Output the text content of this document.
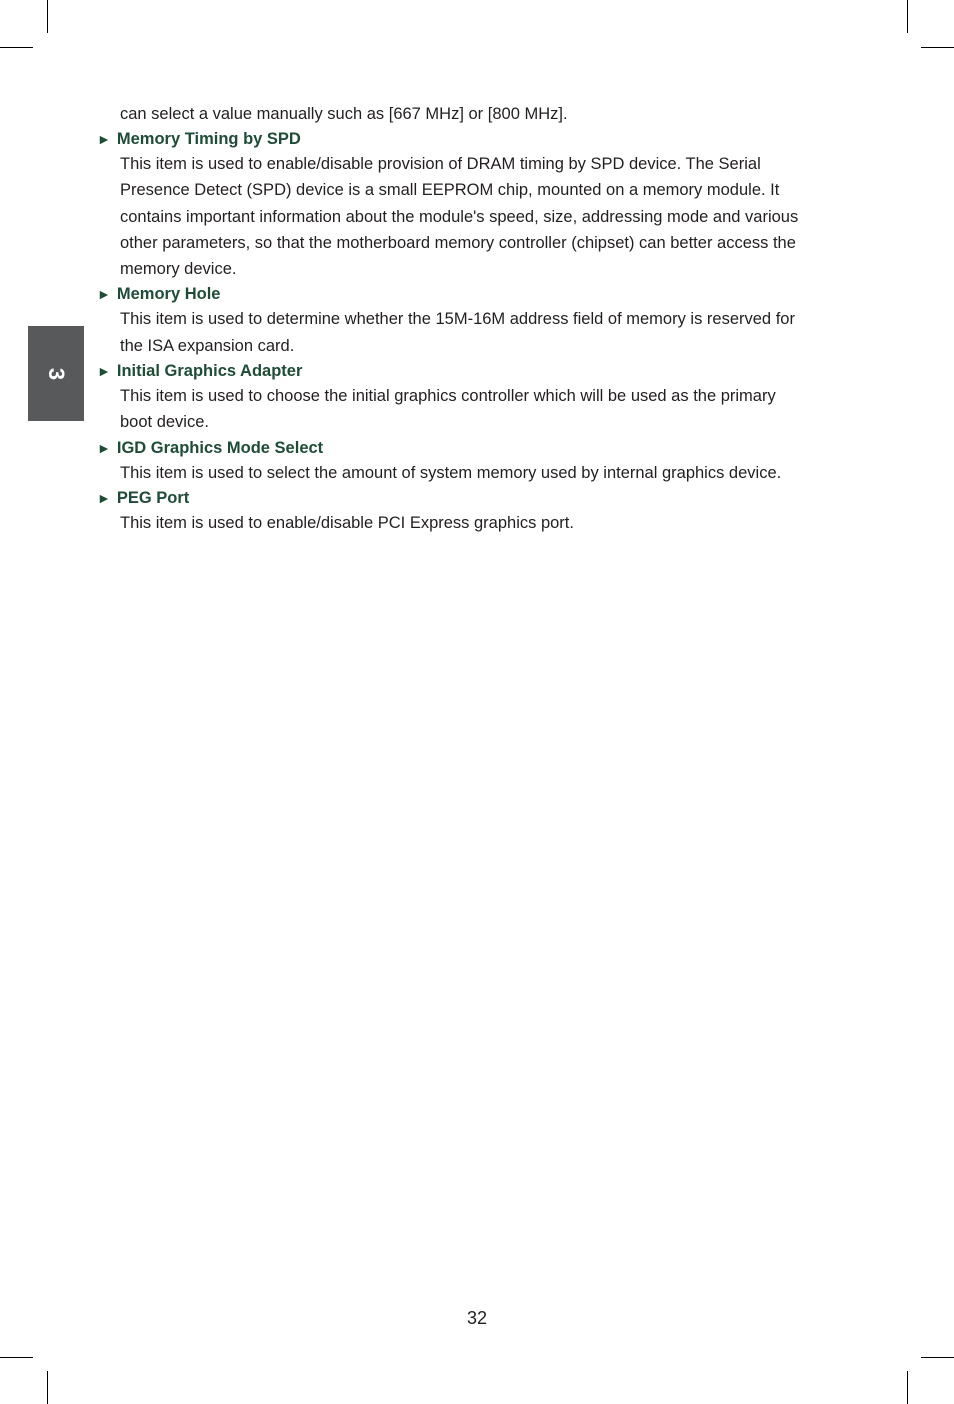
3

can select a value manually such as [667 MHz] or [800 MHz].

► Memory Timing by SPD

This item is used to enable/disable provision of DRAM timing by SPD device. The Serial
Presence Detect (SPD) device is a small EEPROM chip, mounted on a memory module. It
contains important information about the module's speed, size, addressing mode and various
other parameters, so that the motherboard memory controller (chipset) can better access the
memory device.

► Memory Hole

This item is used to determine whether the 15M-16M address field of memory is reserved for
the ISA expansion card.

► Initial Graphics Adapter

This item is used to choose the initial graphics controller which will be used as the primary
boot device.

► IGD Graphics Mode Select

This item is used to select the amount of system memory used by internal graphics device.

► PEG Port

This item is used to enable/disable PCI Express graphics port.

32
